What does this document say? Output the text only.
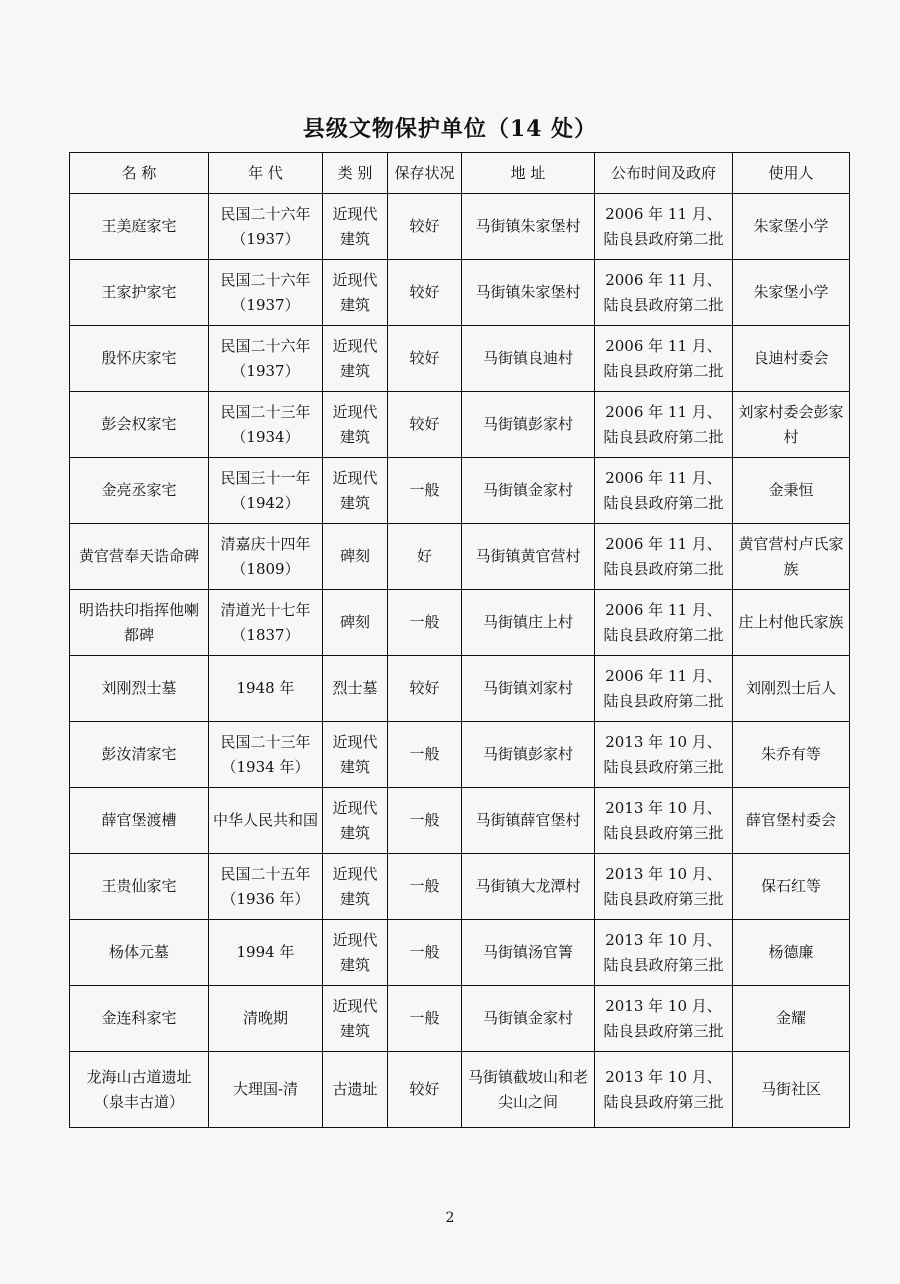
县级文物保护单位（14 处）
名 称	年 代	类 别	保存状况	地 址	公布时间及政府	使用人
王美庭家宅	民国二十六年（1937）	近现代建筑	较好	马街镇朱家堡村	2006 年 11 月、陆良县政府第二批	朱家堡小学
王家护家宅	民国二十六年（1937）	近现代建筑	较好	马街镇朱家堡村	2006 年 11 月、陆良县政府第二批	朱家堡小学
殷怀庆家宅	民国二十六年（1937）	近现代建筑	较好	马街镇良迪村	2006 年 11 月、陆良县政府第二批	良迪村委会
彭会权家宅	民国二十三年（1934）	近现代建筑	较好	马街镇彭家村	2006 年 11 月、陆良县政府第二批	刘家村委会彭家村
金亮丞家宅	民国三十一年（1942）	近现代建筑	一般	马街镇金家村	2006 年 11 月、陆良县政府第二批	金秉恒
黄官营奉天诰命碑	清嘉庆十四年（1809）	碑刻	好	马街镇黄官营村	2006 年 11 月、陆良县政府第二批	黄官营村卢氏家族
明诰扶印指挥他喇都碑	清道光十七年（1837）	碑刻	一般	马街镇庄上村	2006 年 11 月、陆良县政府第二批	庄上村他氏家族
刘刚烈士墓	1948 年	烈士墓	较好	马街镇刘家村	2006 年 11 月、陆良县政府第二批	刘刚烈士后人
彭汝清家宅	民国二十三年（1934 年）	近现代建筑	一般	马街镇彭家村	2013 年 10 月、陆良县政府第三批	朱乔有等
薛官堡渡槽	中华人民共和国	近现代建筑	一般	马街镇薛官堡村	2013 年 10 月、陆良县政府第三批	薛官堡村委会
王贵仙家宅	民国二十五年（1936 年）	近现代建筑	一般	马街镇大龙潭村	2013 年 10 月、陆良县政府第三批	保石红等
杨体元墓	1994 年	近现代建筑	一般	马街镇汤官箐	2013 年 10 月、陆良县政府第三批	杨德廉
金连科家宅	清晚期	近现代建筑	一般	马街镇金家村	2013 年 10 月、陆良县政府第三批	金耀
龙海山古道遗址（泉丰古道）	大理国-清	古遗址	较好	马街镇截坡山和老尖山之间	2013 年 10 月、陆良县政府第三批	马街社区
2
